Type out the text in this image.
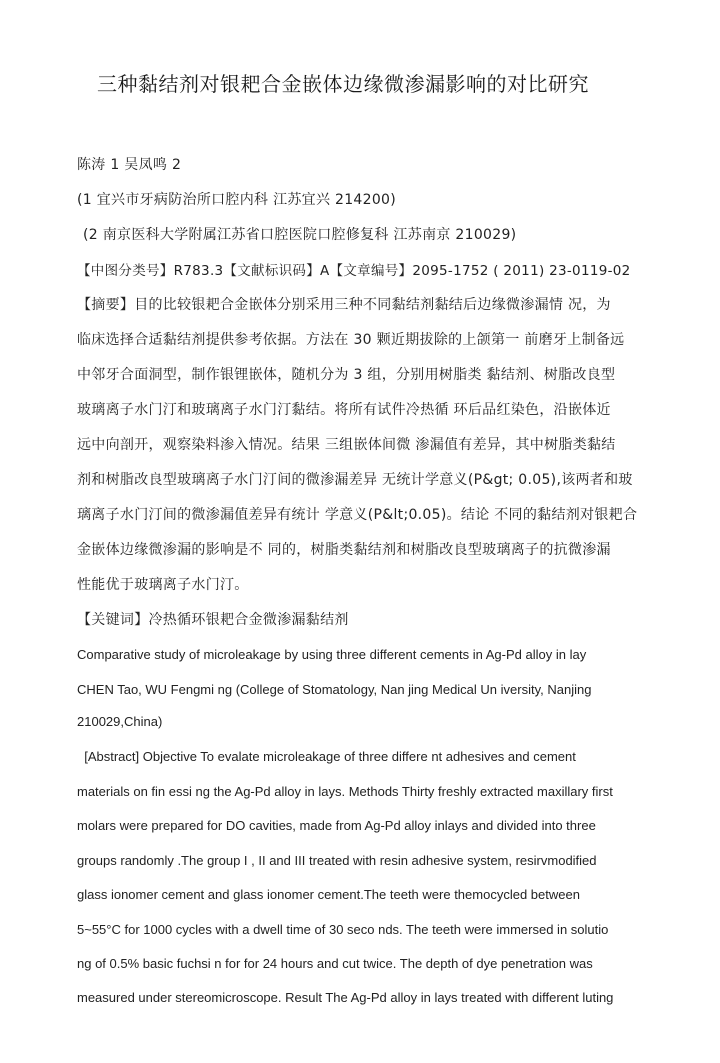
三种黏结剂对银耙合金嵌体边缘微渗漏影响的对比研究
陈涛 1 吴凤鸣 2
(1 宜兴市牙病防治所口腔内科 江苏宜兴 214200)
(2 南京医科大学附属江苏省口腔医院口腔修复科 江苏南京 210029)
【中图分类号】R783.3【文献标识码】A【文章编号】2095-1752 ( 2011) 23-0119-02
【摘要】目的比较银耙合金嵌体分别采用三种不同黏结剂黏结后边缘微渗漏情 况，为
临床选择合适黏结剂提供参考依据。方法在 30 颗近期拔除的上颌第一 前磨牙上制备远
中邻牙合面洞型，制作银锂嵌体，随机分为 3 组，分别用树脂类 黏结剂、树脂改良型
玻璃离子水门汀和玻璃离子水门汀黏结。将所有试件冷热循 环后品红染色，沿嵌体近
远中向剖开，观察染料渗入情况。结果 三组嵌体间微 渗漏值有差异，其中树脂类黏结
剂和树脂改良型玻璃离子水门汀间的微渗漏差异 无统计学意义(P&gt; 0.05),该两者和玻
璃离子水门汀间的微渗漏值差异有统计 学意义(P&lt;0.05)。结论 不同的黏结剂对银耙合
金嵌体边缘微渗漏的影响是不 同的，树脂类黏结剂和树脂改良型玻璃离子的抗微渗漏
性能优于玻璃离子水门汀。
【关键词】冷热循环银耙合金微渗漏黏结剂
Comparative study of microleakage by using three different cements in Ag-Pd alloy in lay
CHEN Tao, WU Fengmi ng (College of Stomatology, Nan jing Medical Un iversity, Nanjing
210029,China)
[Abstract] Objective To evalate microleakage of three differe nt adhesives and cement
materials on fin essi ng the Ag-Pd alloy in lays. Methods Thirty freshly extracted maxillary first
molars were prepared for DO cavities, made from Ag-Pd alloy inlays and divided into three
groups randomly .The group I , II and III treated with resin adhesive system, resirvmodified
glass ionomer cement and glass ionomer cement.The teeth were themocycled between
5~55°C for 1000 cycles with a dwell time of 30 seco nds. The teeth were immersed in solutio
ng of 0.5% basic fuchsi n for for 24 hours and cut twice. The depth of dye penetration was
measured under stereomicroscope. Result The Ag-Pd alloy in lays treated with different luting
